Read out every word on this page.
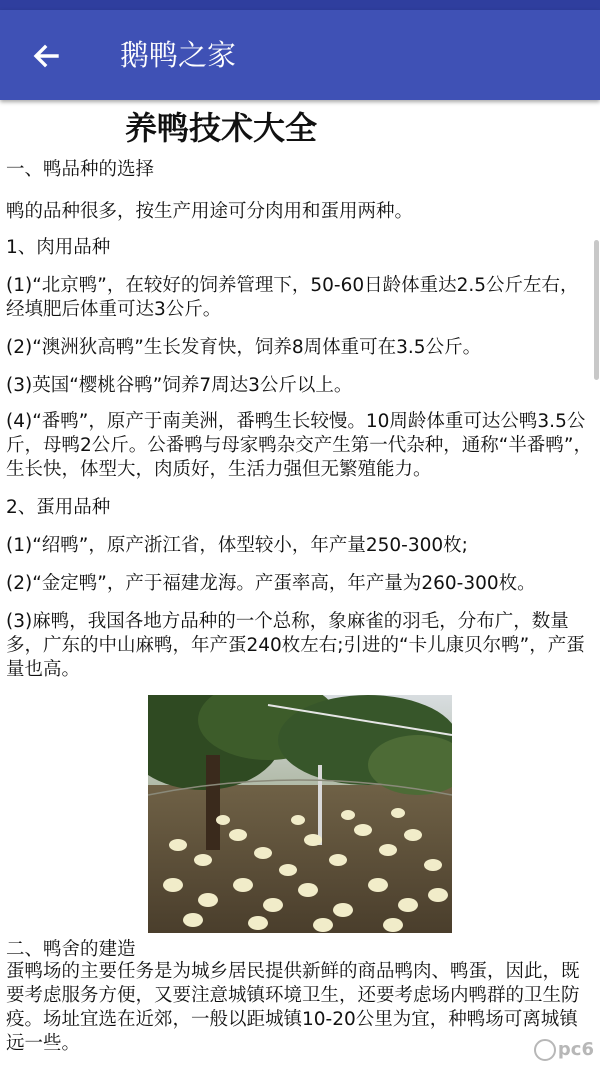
鹅鸭之家
养鸭技术大全

一、鸭品种的选择

鸭的品种很多，按生产用途可分肉用和蛋用两种。

1、肉用品种

(1)“北京鸭”，在较好的饲养管理下，50-60日龄体重达2.5公斤左右，经填肥后体重可达3公斤。

(2)“澳洲狄高鸭”生长发育快，饲养8周体重可在3.5公斤。

(3)英国“樱桃谷鸭”饲养7周达3公斤以上。

(4)“番鸭”，原产于南美洲，番鸭生长较慢。10周龄体重可达公鸭3.5公斤，母鸭2公斤。公番鸭与母家鸭杂交产生第一代杂种，通称“半番鸭”，生长快，体型大，肉质好，生活力强但无繁殖能力。

2、蛋用品种

(1)“绍鸭”，原产浙江省，体型较小，年产量250-300枚;

(2)“金定鸭”，产于福建龙海。产蛋率高，年产量为260-300枚。

(3)麻鸭，我国各地方品种的一个总称，象麻雀的羽毛，分布广，数量多，广东的中山麻鸭，年产蛋240枚左右;引进的“卡儿康贝尔鸭”，产蛋量也高。

二、鸭舍的建造

蛋鸭场的主要任务是为城乡居民提供新鲜的商品鸭肉、鸭蛋，因此，既要考虑服务方便，又要注意城镇环境卫生，还要考虑场内鸭群的卫生防疫。场址宜选在近郊，一般以距城镇10-20公里为宜，种鸭场可离城镇远一些。	pc6
